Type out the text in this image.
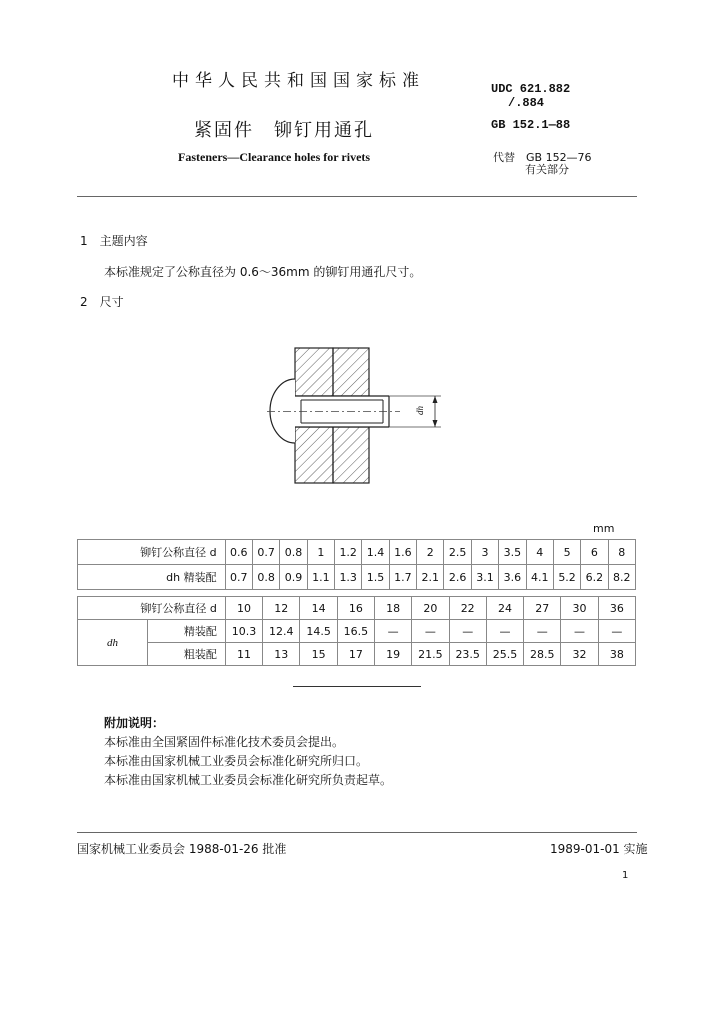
中华人民共和国国家标准	UDC 621.882
/.884
紧固件　铆钉用通孔	GB 152.1—88
Fasteners—Clearance holes for rivets	代替　GB 152—76
有关部分
1　主题内容
本标准规定了公称直径为 0.6～36mm 的铆钉用通孔尺寸。
2　尺寸
dh
mm
铆钉公称直径 d	0.6	0.7	0.8	1	1.2	1.4	1.6	2	2.5	3	3.5	4	5	6	8
dh 精装配	0.7	0.8	0.9	1.1	1.3	1.5	1.7	2.1	2.6	3.1	3.6	4.1	5.2	6.2	8.2
铆钉公称直径 d		10	12	14	16	18	20	22	24	27	30	36
dh	精装配	10.3	12.4	14.5	16.5	—	—	—	—	—	—	—
	粗装配	11	13	15	17	19	21.5	23.5	25.5	28.5	32	38
附加说明：
本标准由全国紧固件标准化技术委员会提出。
本标准由国家机械工业委员会标准化研究所归口。
本标准由国家机械工业委员会标准化研究所负责起草。
国家机械工业委员会 1988-01-26 批准	1989-01-01 实施
1
